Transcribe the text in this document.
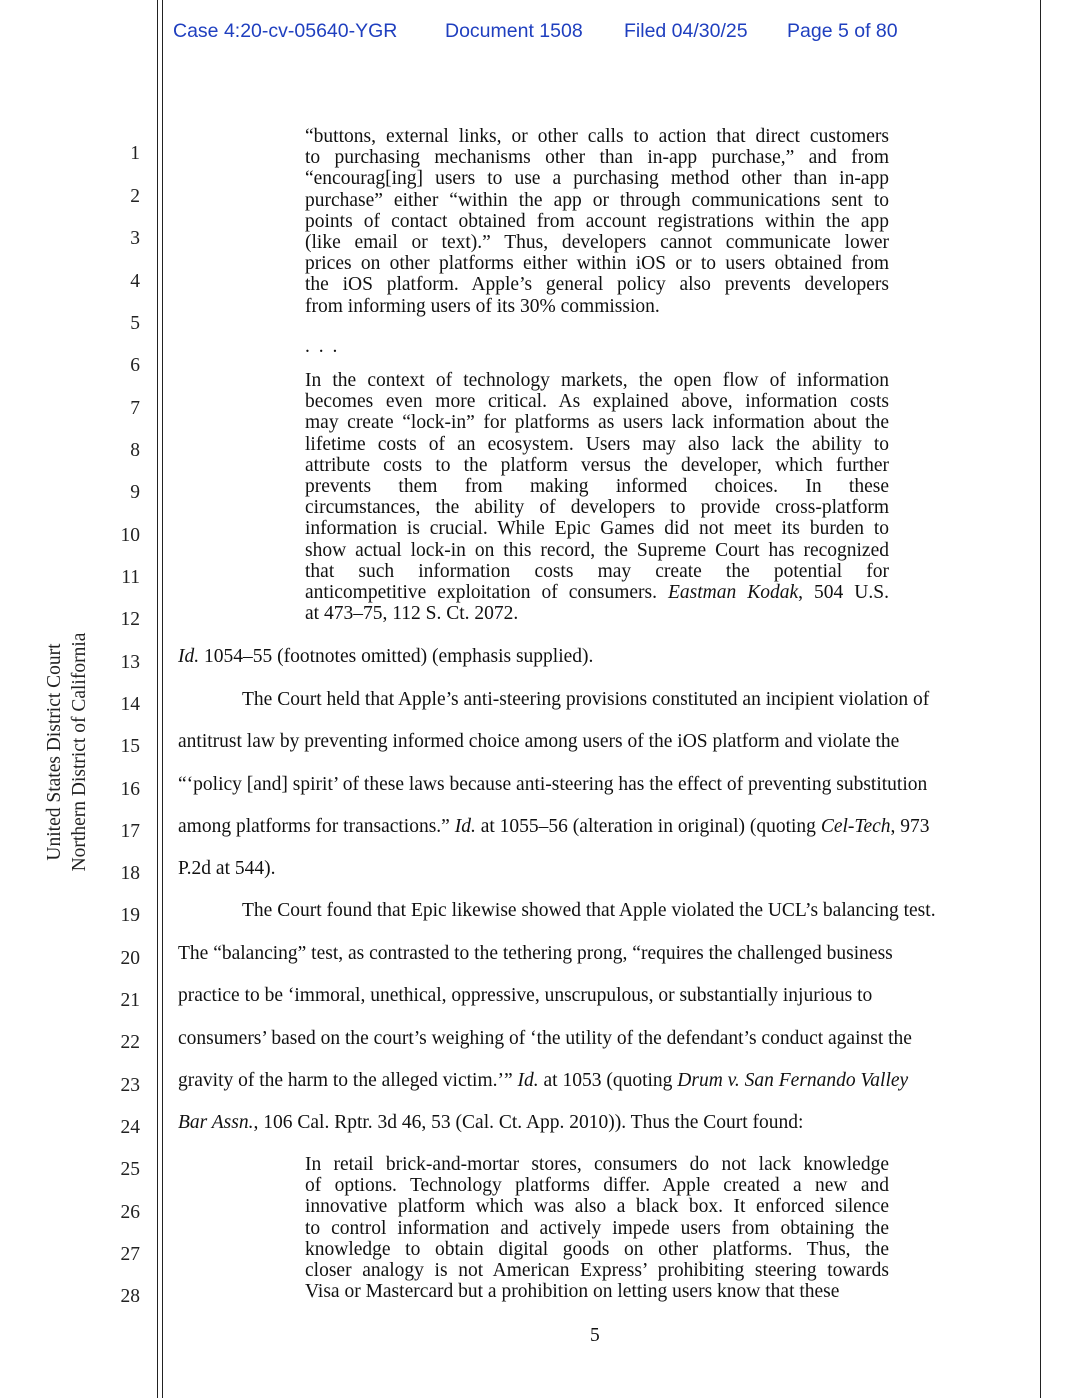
Case 4:20-cv-05640-YGR Document 1508 Filed 04/30/25 Page 5 of 80
United States District Court Northern District of California
1
2
3
4
5
6
7
8
9
10
11
12
13
14
15
16
17
18
19
20
21
22
23
24
25
26
27
28

“buttons, external links, or other calls to action that direct customers

to purchasing mechanisms other than in-app purchase,” and from

“encourag[ing] users to use a purchasing method other than in-app

purchase” either “within the app or through communications sent to

points of contact obtained from account registrations within the app

(like email or text).” Thus, developers cannot communicate lower

prices on other platforms either within iOS or to users obtained from

the iOS platform. Apple’s general policy also prevents developers

from informing users of its 30% commission.

. . .

In the context of technology markets, the open flow of information

becomes even more critical. As explained above, information costs

may create “lock-in” for platforms as users lack information about the

lifetime costs of an ecosystem. Users may also lack the ability to

attribute costs to the platform versus the developer, which further

prevents them from making informed choices. In these

circumstances, the ability of developers to provide cross-platform

information is crucial. While Epic Games did not meet its burden to

show actual lock-in on this record, the Supreme Court has recognized

that such information costs may create the potential for

anticompetitive exploitation of consumers. Eastman Kodak, 504 U.S.

at 473–75, 112 S. Ct. 2072.

Id. 1054–55 (footnotes omitted) (emphasis supplied).
The Court held that Apple’s anti-steering provisions constituted an incipient violation of
antitrust law by preventing informed choice among users of the iOS platform and violate the
“‘policy [and] spirit’ of these laws because anti-steering has the effect of preventing substitution
among platforms for transactions.” Id. at 1055–56 (alteration in original) (quoting Cel-Tech, 973
P.2d at 544).
The Court found that Epic likewise showed that Apple violated the UCL’s balancing test.
The “balancing” test, as contrasted to the tethering prong, “requires the challenged business
practice to be ‘immoral, unethical, oppressive, unscrupulous, or substantially injurious to
consumers’ based on the court’s weighing of ‘the utility of the defendant’s conduct against the
gravity of the harm to the alleged victim.’” Id. at 1053 (quoting Drum v. San Fernando Valley
Bar Assn., 106 Cal. Rptr. 3d 46, 53 (Cal. Ct. App. 2010)). Thus the Court found:

In retail brick-and-mortar stores, consumers do not lack knowledge

of options. Technology platforms differ. Apple created a new and

innovative platform which was also a black box. It enforced silence

to control information and actively impede users from obtaining the

knowledge to obtain digital goods on other platforms. Thus, the

closer analogy is not American Express’ prohibiting steering towards

Visa or Mastercard but a prohibition on letting users know that these

5
